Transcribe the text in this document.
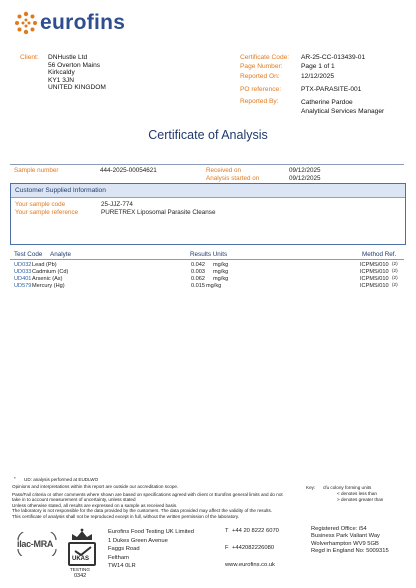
eurofins
Client: DNHustle Ltd
56 Overton Mains
Kirkcaldy
KY1 3JN
UNITED KINGDOM
Certificate Code: AR-25-CC-013439-01
Page Number:	Page 1 of 1
Reported On:	12/12/2025
PO reference:	PTX-PARASITE-001
Reported By:	Catherine Pardoe
Analytical Services Manager
Certificate of Analysis
Sample number	444-2025-00054621	Received on	09/12/2025
Analysis started on	09/12/2025
Customer Supplied Information
Your sample code	25-JJZ-774
Your sample reference	PURETREX Liposomal Parasite Cleanse
Test Code Analyte	Results Units	Method Ref.
UD032 Lead (Pb)	0.042 mg/kg	ICPMS/010 (2)
UD033 Cadmium (Cd)	0.003 mg/kg	ICPMS/010 (2)
UD401 Arsenic (As)	0.062 mg/kg	ICPMS/010 (2)
UD579 Mercury (Hg)	0.015 mg/kg	ICPMS/010 (2)
* UD: analysis performed at EUDLWO
Key: cfu colony forming units
< denotes less than
> denotes greater than
Opinions and interpretations within this report are outside our accreditation scope.
Pass/Fail criteria or other comments where shown are based on specifications agreed with client or Eurofins general limits and do not
take in to account measurement of uncertainty, unless stated
Unless otherwise stated, all results are expressed on a sample as received basis.
The laboratory is not responsible for the data provided by the customers. The data provided may affect the validity of the results.
This certificate of analysis shall not be reproduced except in full, without the written permission of the laboratory.
ilac-MRA
UKAS
TESTING
0342
Eurofins Food Testing UK Limited
1 Dukes Green Avenue
Faggs Road
Feltham
TW14 0LR
T +44 20 8222 6070
F +442082226080
www.eurofins.co.uk
Registered Office: i54
Business Park Valiant Way
Wolverhampton WV9 5GB
Regd in England No: 5009315
